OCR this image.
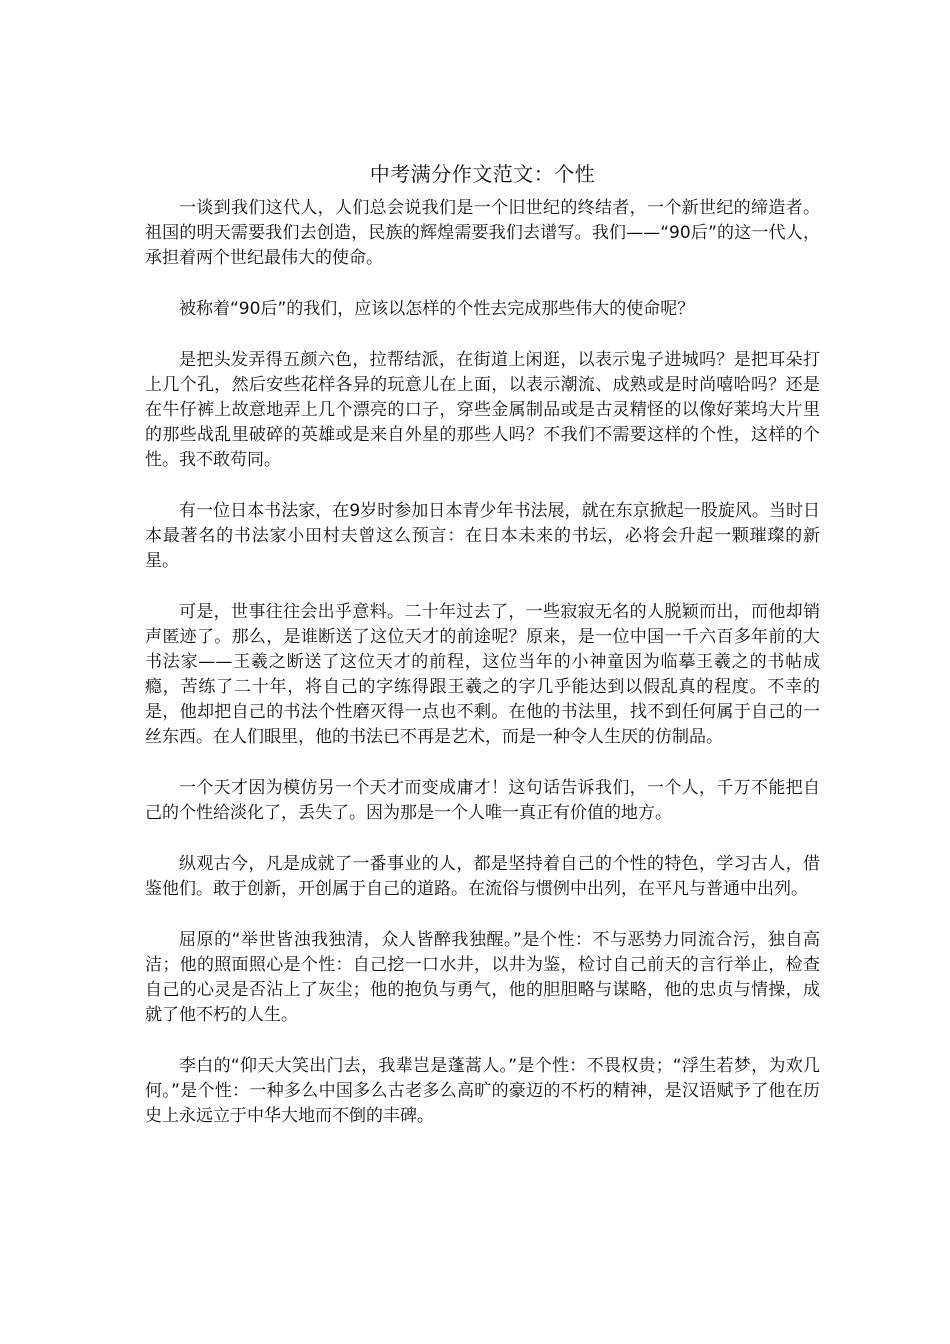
中考满分作文范文：个性

一谈到我们这代人，人们总会说我们是一个旧世纪的终结者，一个新世纪的缔造者。祖国的明天需要我们去创造，民族的辉煌需要我们去谱写。我们——“90后”的这一代人，承担着两个世纪最伟大的使命。

被称着“90后”的我们，应该以怎样的个性去完成那些伟大的使命呢？

是把头发弄得五颜六色，拉帮结派，在街道上闲逛，以表示鬼子进城吗？是把耳朵打上几个孔，然后安些花样各异的玩意儿在上面，以表示潮流、成熟或是时尚嘻哈吗？还是在牛仔裤上故意地弄上几个漂亮的口子，穿些金属制品或是古灵精怪的以像好莱坞大片里的那些战乱里破碎的英雄或是来自外星的那些人吗？不我们不需要这样的个性，这样的个性。我不敢苟同。

有一位日本书法家，在9岁时参加日本青少年书法展，就在东京掀起一股旋风。当时日本最著名的书法家小田村夫曾这么预言：在日本未来的书坛，必将会升起一颗璀璨的新星。

可是，世事往往会出乎意料。二十年过去了，一些寂寂无名的人脱颖而出，而他却销声匿迹了。那么，是谁断送了这位天才的前途呢？原来，是一位中国一千六百多年前的大书法家——王羲之断送了这位天才的前程，这位当年的小神童因为临摹王羲之的书帖成瘾，苦练了二十年，将自己的字练得跟王羲之的字几乎能达到以假乱真的程度。不幸的是，他却把自己的书法个性磨灭得一点也不剩。在他的书法里，找不到任何属于自己的一丝东西。在人们眼里，他的书法已不再是艺术，而是一种令人生厌的仿制品。

一个天才因为模仿另一个天才而变成庸才！这句话告诉我们，一个人，千万不能把自己的个性给淡化了，丢失了。因为那是一个人唯一真正有价值的地方。

纵观古今，凡是成就了一番事业的人，都是坚持着自己的个性的特色，学习古人，借鉴他们。敢于创新，开创属于自己的道路。在流俗与惯例中出列，在平凡与普通中出列。

屈原的“举世皆浊我独清，众人皆醉我独醒。”是个性：不与恶势力同流合污，独自高洁；他的照面照心是个性：自己挖一口水井，以井为鉴，检讨自己前天的言行举止，检查自己的心灵是否沾上了灰尘；他的抱负与勇气，他的胆胆略与谋略，他的忠贞与情操，成就了他不朽的人生。

李白的“仰天大笑出门去，我辈岂是蓬蒿人。”是个性：不畏权贵；“浮生若梦，为欢几何。”是个性：一种多么中国多么古老多么高旷的豪迈的不朽的精神，是汉语赋予了他在历史上永远立于中华大地而不倒的丰碑。
